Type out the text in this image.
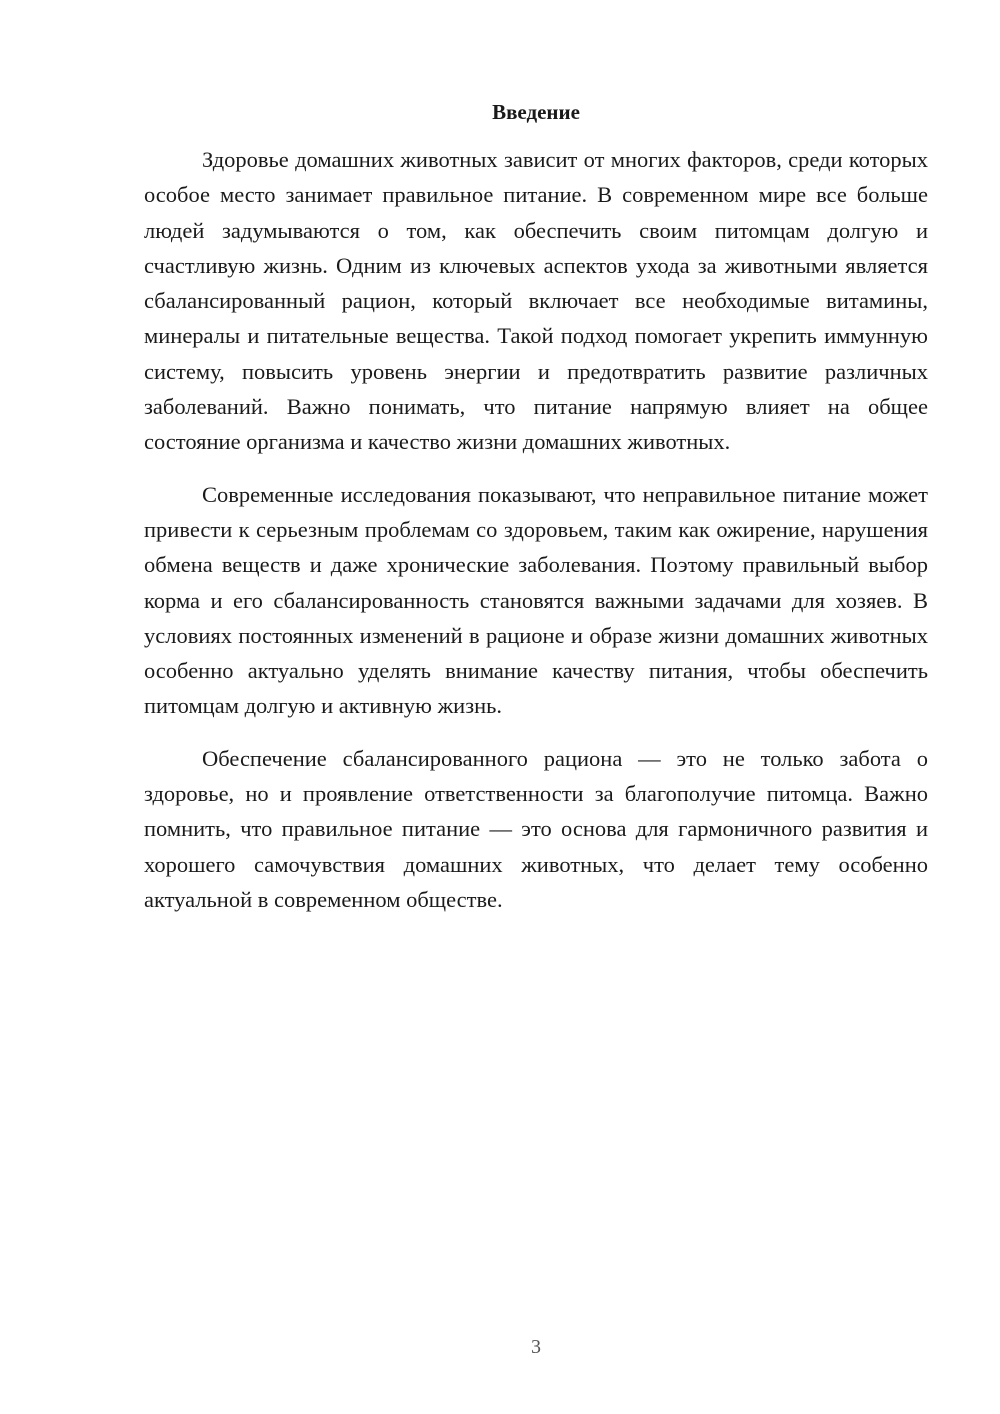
Введение

Здоровье домашних животных зависит от многих факторов, среди которых особое место занимает правильное питание. В современном мире все больше людей задумываются о том, как обеспечить своим питомцам долгую и счастливую жизнь. Одним из ключевых аспектов ухода за животными является сбалансированный рацион, который включает все необходимые витамины, минералы и питательные вещества. Такой подход помогает укрепить иммунную систему, повысить уровень энергии и предотвратить развитие различных заболеваний. Важно понимать, что питание напрямую влияет на общее состояние организма и качество жизни домашних животных.

Современные исследования показывают, что неправильное питание может привести к серьезным проблемам со здоровьем, таким как ожирение, нарушения обмена веществ и даже хронические заболевания. Поэтому правильный выбор корма и его сбалансированность становятся важными задачами для хозяев. В условиях постоянных изменений в рационе и образе жизни домашних животных особенно актуально уделять внимание качеству питания, чтобы обеспечить питомцам долгую и активную жизнь.

Обеспечение сбалансированного рациона — это не только забота о здоровье, но и проявление ответственности за благополучие питомца. Важно помнить, что правильное питание — это основа для гармоничного развития и хорошего самочувствия домашних животных, что делает тему особенно актуальной в современном обществе.

3
